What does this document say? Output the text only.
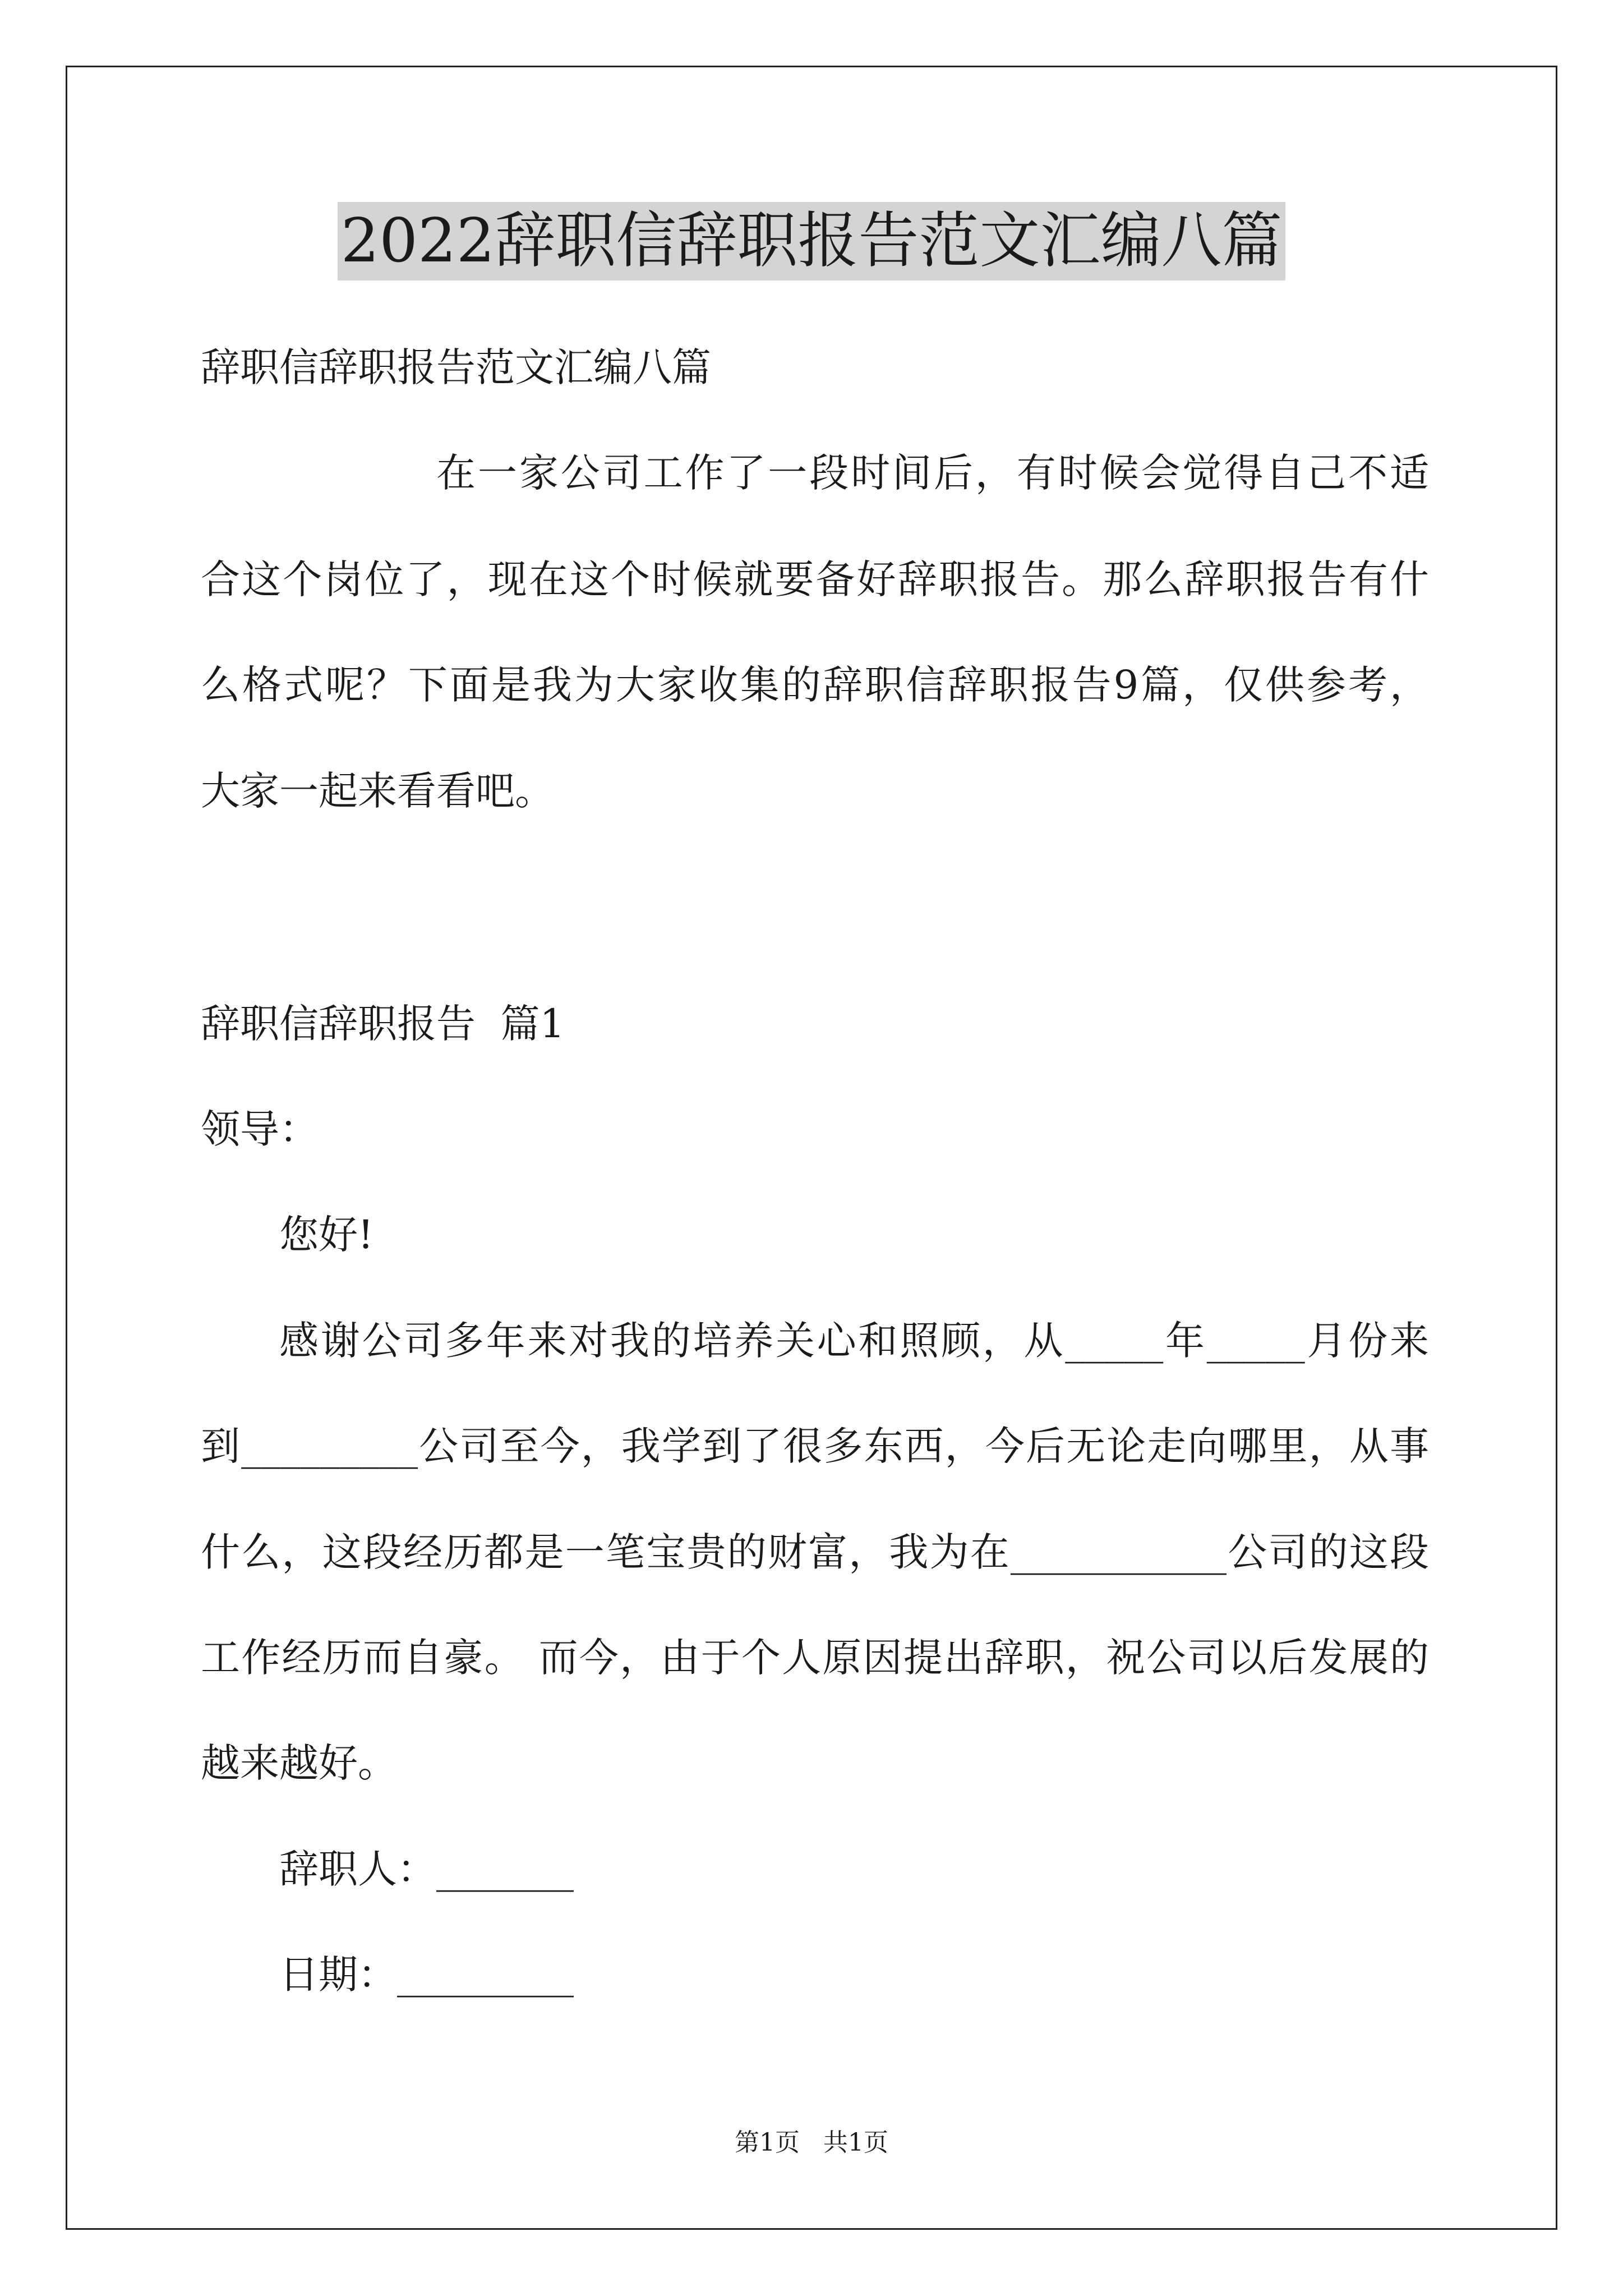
2022辞职信辞职报告范文汇编八篇
辞职信辞职报告范文汇编八篇
在一家公司工作了一段时间后，有时候会觉得自己不适
合这个岗位了，现在这个时候就要备好辞职报告。那么辞职报告有什
么格式呢？下面是我为大家收集的辞职信辞职报告9篇，仅供参考，
大家一起来看看吧。
辞职信辞职报告  篇1
领导：
您好!
感谢公司多年来对我的培养关心和照顾，从_____年_____月份来
到_________公司至今，我学到了很多东西，今后无论走向哪里，从事
什么，这段经历都是一笔宝贵的财富，我为在___________公司的这段
工作经历而自豪。 而今，由于个人原因提出辞职，祝公司以后发展的
越来越好。
辞职人：_______
日期：_________
第1页   共1页
